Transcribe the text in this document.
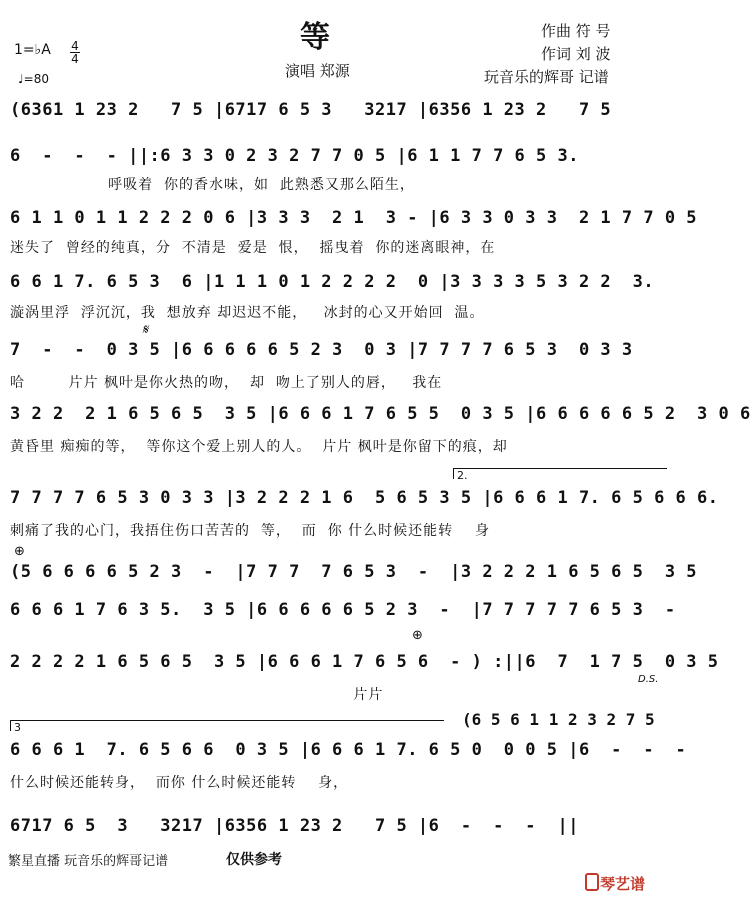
等	作曲 符 号
作词 刘 波
玩音乐的辉哥 记谱
演唱 郑源
1=♭A 4
4
♩=80
(6361 1 23 2   7 5 |6717 6 5 3   3217 |6356 1 23 2   7 5
6  -  -  - ||:6 3 3 0 2 3 2 7 7 0 5 |6 1 1 7 7 6 5 3.
呼吸着  你的香水味，如  此熟悉又那么陌生，
6 1 1 0 1 1 2 2 2 0 6 |3 3 3  2 1  3 - |6 3 3 0 3 3  2 1 7 7 0 5
迷失了  曾经的纯真，分  不清是  爱是  恨，  摇曳着  你的迷离眼神，在
6 6 1 7. 6 5 3  6 |1 1 1 0 1 2 2 2 2  0 |3 3 3 3 5 3 2 2  3.
漩涡里浮  浮沉沉，我  想放弃 却迟迟不能，   冰封的心又开始回  温。
𝄋
7  -  -  0 3 5 |6 6 6 6 6 5 2 3  0 3 |7 7 7 7 6 5 3  0 3 3
哈        片片 枫叶是你火热的吻，  却  吻上了别人的唇，   我在
3 2 2  2 1 6 5 6 5  3 5 |6 6 6 1 7 6 5 5  0 3 5 |6 6 6 6 6 5 2  3 0 6
黄昏里 痴痴的等，  等你这个爱上别人的人。  片片 枫叶是你留下的痕，却
2.
7 7 7 7 6 5 3 0 3 3 |3 2 2 2 1 6  5 6 5 3 5 |6 6 6 1 7. 6 5 6 6 6.
刺痛了我的心门，我捂住伤口苦苦的  等，  而  你 什么时候还能转    身
⊕
(5 6 6 6 6 5 2 3  -  |7 7 7  7 6 5 3  -  |3 2 2 2 1 6 5 6 5  3 5
6 6 6 1 7 6 3 5.  3 5 |6 6 6 6 6 5 2 3  -  |7 7 7 7 7 6 5 3  -
⊕
2 2 2 2 1 6 5 6 5  3 5 |6 6 6 1 7 6 5 6  - ) :||6  7  1 7 5  0 3 5
片片
D.S.
3	(6 5 6 1 1 2 3 2 7 5
6 6 6 1  7. 6 5 6 6  0 3 5 |6 6 6 1 7. 6 5 0  0 0 5 |6  -  -  -
什么时候还能转身，  而你 什么时候还能转    身，
6717 6 5  3   3217 |6356 1 23 2   7 5 |6  -  -  -  ||
繁星直播 玩音乐的辉哥记谱	仅供参考
琴艺谱
